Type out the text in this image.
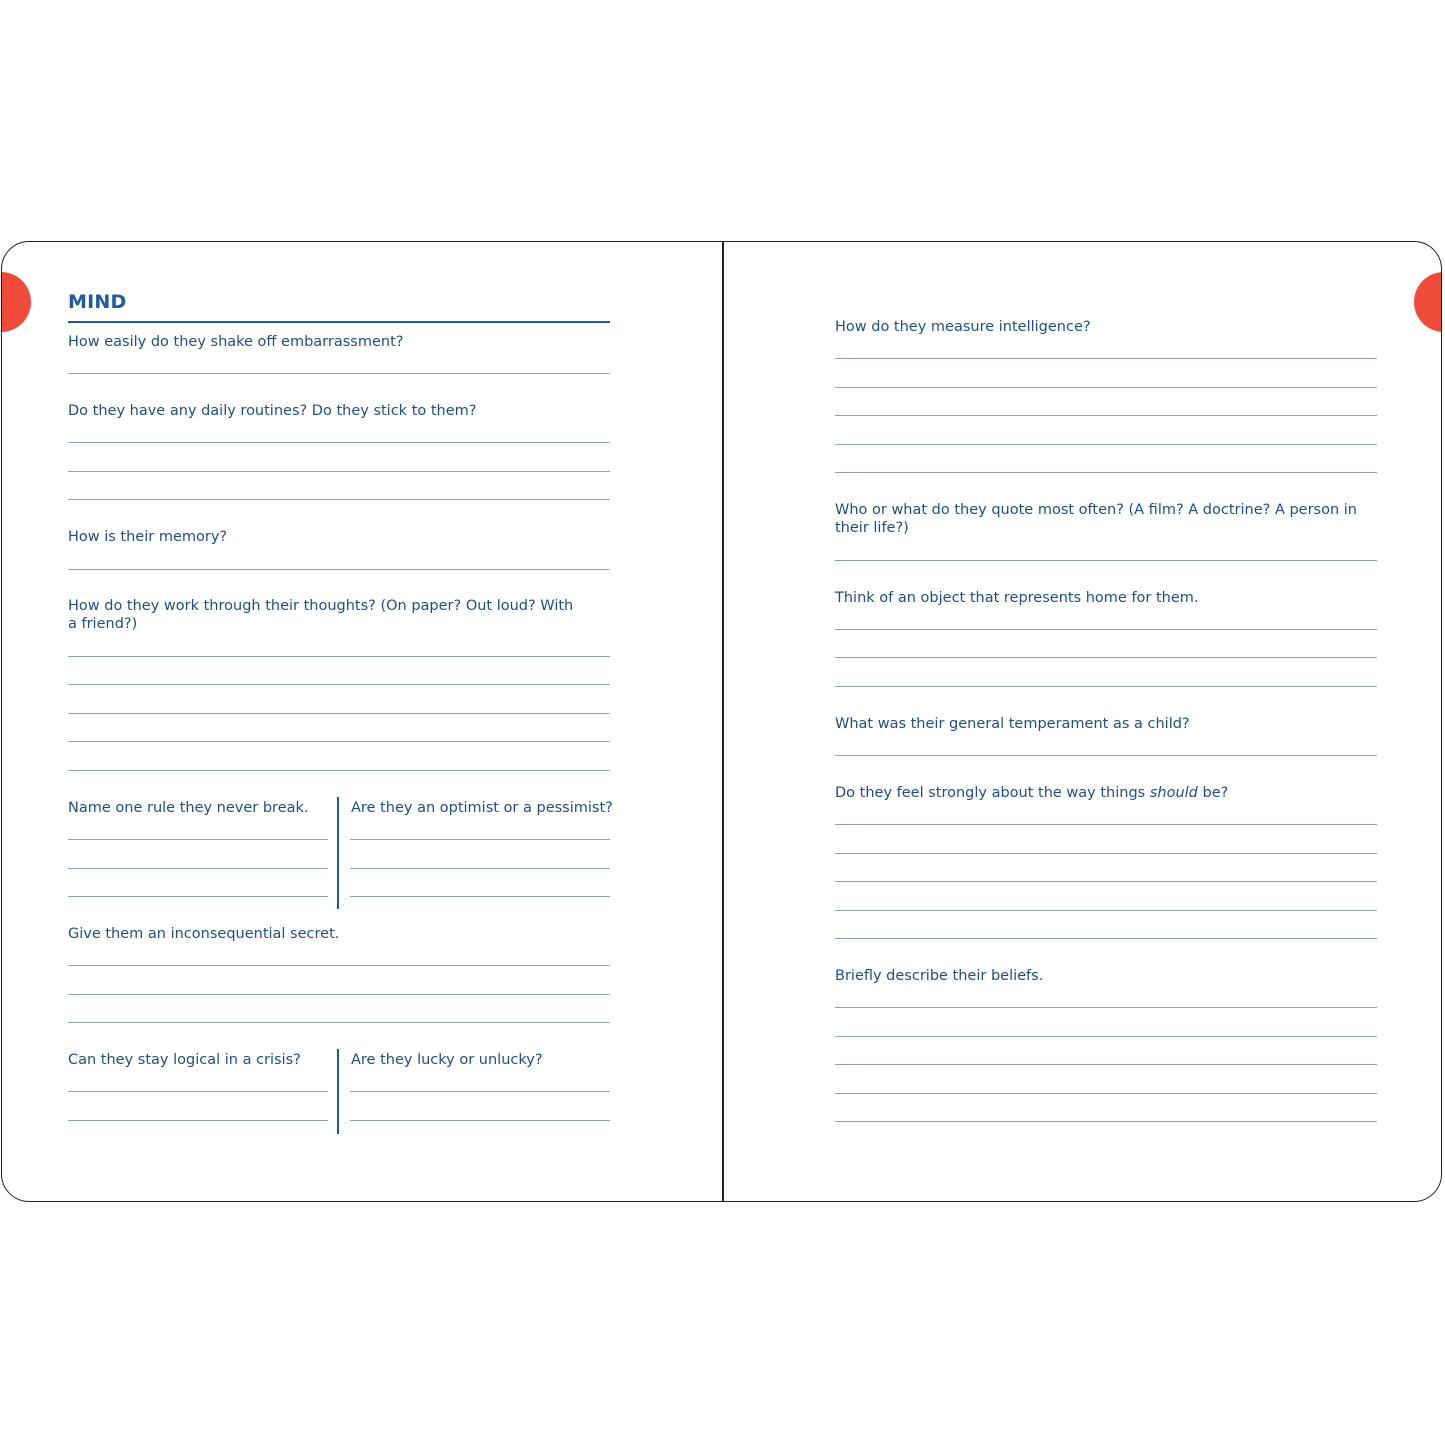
MIND

How easily do they shake off embarrassment?

Do they have any daily routines? Do they stick to them?

How is their memory?

How do they work through their thoughts? (On paper? Out loud? With

a friend?)

Name one rule they never break.	Are they an optimist or a pessimist?

Give them an inconsequential secret.

Can they stay logical in a crisis?	Are they lucky or unlucky?

How do they measure intelligence?

Who or what do they quote most often? (A film? A doctrine? A person in

their life?)

Think of an object that represents home for them.

What was their general temperament as a child?

Do they feel strongly about the way things should be?

Briefly describe their beliefs.
